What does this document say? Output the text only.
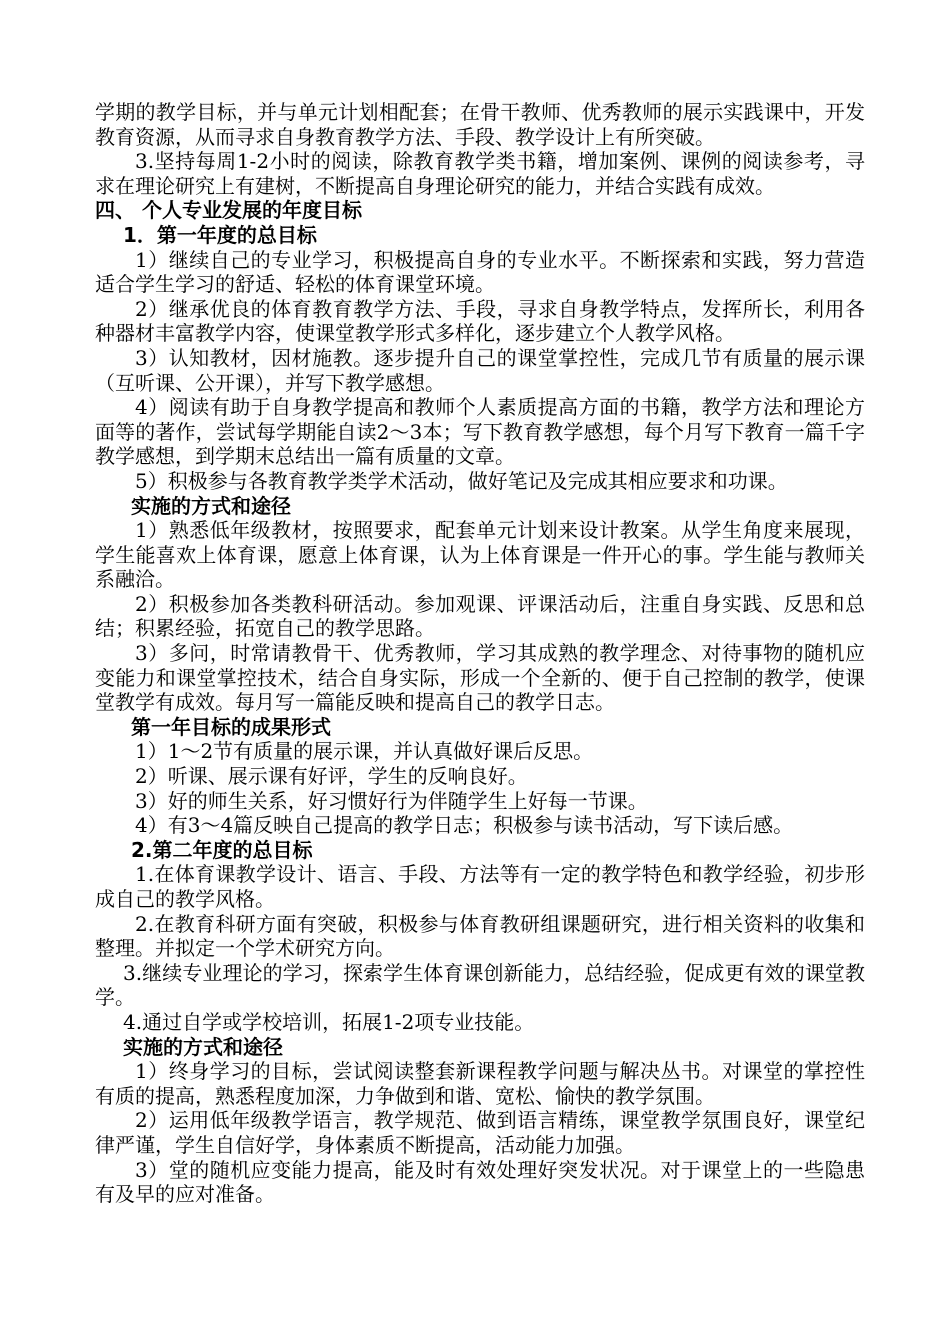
学期的教学目标，并与单元计划相配套；在骨干教师、优秀教师的展示实践课中，开发教育资源，从而寻求自身教育教学方法、手段、教学设计上有所突破。

3.坚持每周1-2小时的阅读，除教育教学类书籍，增加案例、课例的阅读参考，寻求在理论研究上有建树，不断提高自身理论研究的能力，并结合实践有成效。

四、 个人专业发展的年度目标

1．第一年度的总目标

1）继续自己的专业学习，积极提高自身的专业水平。不断探索和实践，努力营造适合学生学习的舒适、轻松的体育课堂环境。

2）继承优良的体育教育教学方法、手段，寻求自身教学特点，发挥所长，利用各种器材丰富教学内容，使课堂教学形式多样化，逐步建立个人教学风格。

3）认知教材，因材施教。逐步提升自己的课堂掌控性，完成几节有质量的展示课（互听课、公开课），并写下教学感想。

4）阅读有助于自身教学提高和教师个人素质提高方面的书籍，教学方法和理论方面等的著作，尝试每学期能自读2～3本；写下教育教学感想，每个月写下教育一篇千字教学感想，到学期末总结出一篇有质量的文章。

5）积极参与各教育教学类学术活动，做好笔记及完成其相应要求和功课。

实施的方式和途径

1）熟悉低年级教材，按照要求，配套单元计划来设计教案。从学生角度来展现，学生能喜欢上体育课，愿意上体育课，认为上体育课是一件开心的事。学生能与教师关系融洽。

2）积极参加各类教科研活动。参加观课、评课活动后，注重自身实践、反思和总结；积累经验，拓宽自己的教学思路。

3）多问，时常请教骨干、优秀教师，学习其成熟的教学理念、对待事物的随机应变能力和课堂掌控技术，结合自身实际，形成一个全新的、便于自己控制的教学，使课堂教学有成效。每月写一篇能反映和提高自己的教学日志。

第一年目标的成果形式

1）1～2节有质量的展示课，并认真做好课后反思。

2）听课、展示课有好评，学生的反响良好。

3）好的师生关系，好习惯好行为伴随学生上好每一节课。

4）有3～4篇反映自己提高的教学日志；积极参与读书活动，写下读后感。

2.第二年度的总目标

1.在体育课教学设计、语言、手段、方法等有一定的教学特色和教学经验，初步形成自己的教学风格。

2.在教育科研方面有突破，积极参与体育教研组课题研究，进行相关资料的收集和整理。并拟定一个学术研究方向。

3.继续专业理论的学习，探索学生体育课创新能力，总结经验，促成更有效的课堂教学。

4.通过自学或学校培训，拓展1-2项专业技能。

实施的方式和途径

1）终身学习的目标，尝试阅读整套新课程教学问题与解决丛书。对课堂的掌控性有质的提高，熟悉程度加深，力争做到和谐、宽松、愉快的教学氛围。

2）运用低年级教学语言，教学规范、做到语言精练，课堂教学氛围良好，课堂纪律严谨，学生自信好学，身体素质不断提高，活动能力加强。

3）堂的随机应变能力提高，能及时有效处理好突发状况。对于课堂上的一些隐患有及早的应对准备。
